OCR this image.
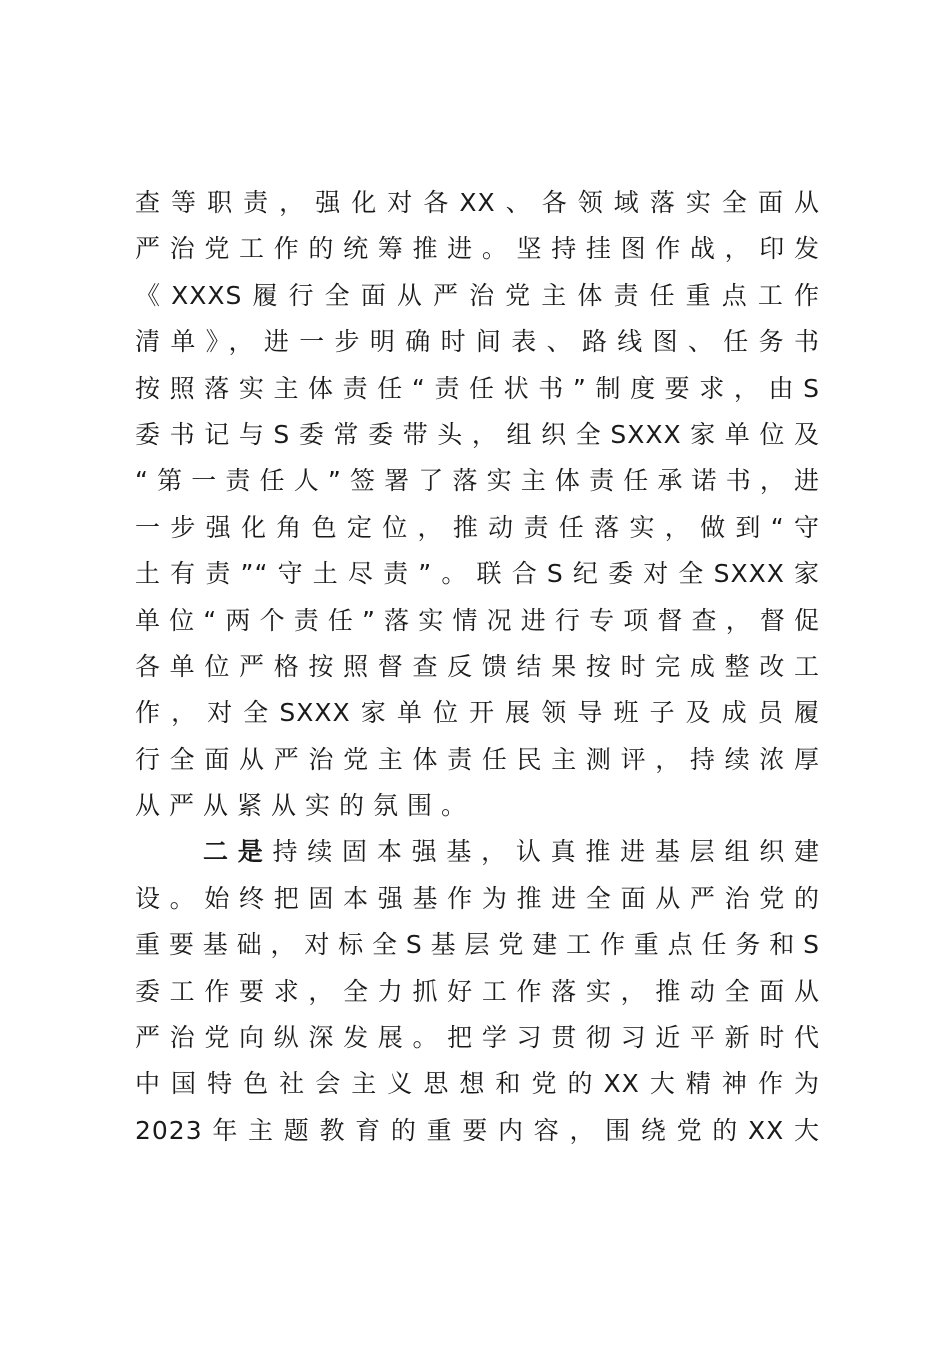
查等职责，强化对各XX、各领域落实全面从
严治党工作的统筹推进。坚持挂图作战，印发
《XXXS履行全面从严治党主体责任重点工作
清单》，进一步明确时间表、路线图、任务书
按照落实主体责任“责任状书”制度要求，由S
委书记与S委常委带头，组织全SXXX家单位及
“第一责任人”签署了落实主体责任承诺书，进
一步强化角色定位，推动责任落实，做到“守
土有责”“守土尽责”。联合S纪委对全SXXX家
单位“两个责任”落实情况进行专项督查，督促
各单位严格按照督查反馈结果按时完成整改工
作，对全SXXX家单位开展领导班子及成员履
行全面从严治党主体责任民主测评，持续浓厚
从严从紧从实的氛围。
二是持续固本强基，认真推进基层组织建
设。始终把固本强基作为推进全面从严治党的
重要基础，对标全S基层党建工作重点任务和S
委工作要求，全力抓好工作落实，推动全面从
严治党向纵深发展。把学习贯彻习近平新时代
中国特色社会主义思想和党的XX大精神作为
2023年主题教育的重要内容，围绕党的XX大
